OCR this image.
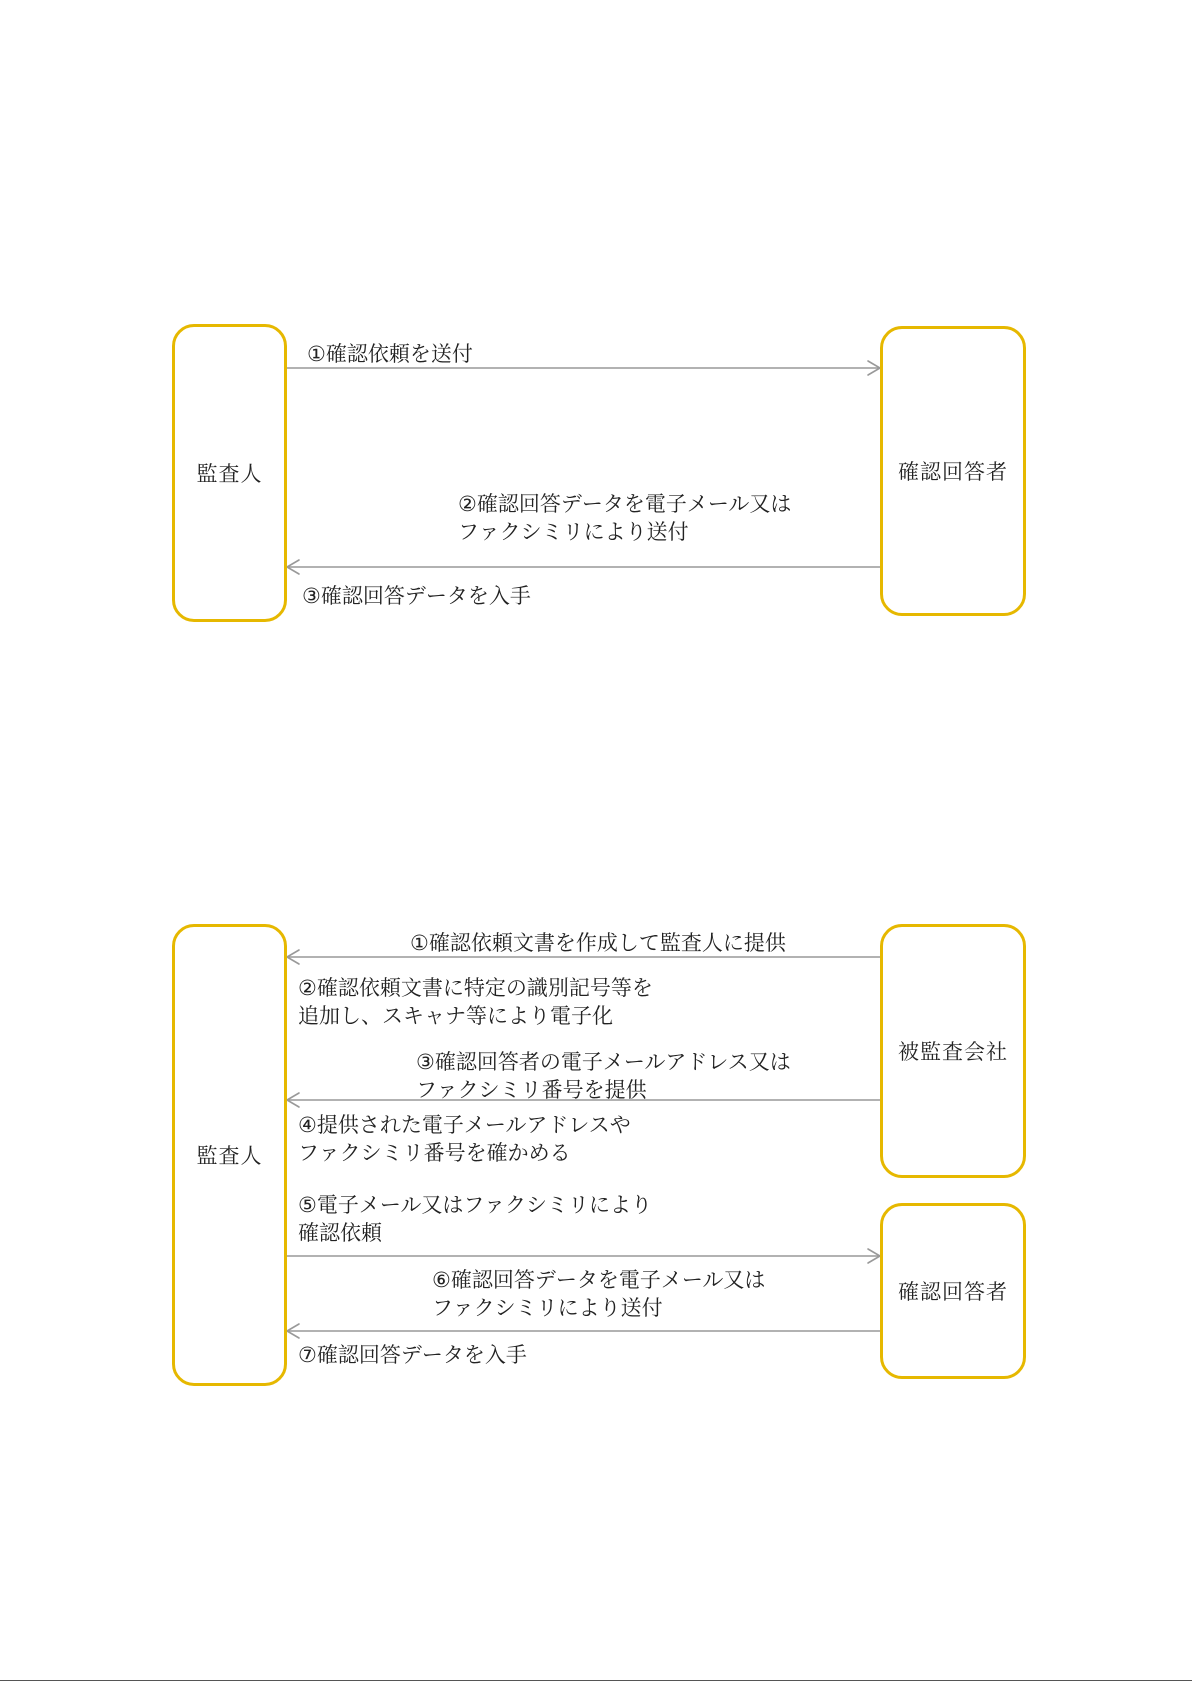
監査人	確認回答者
①確認依頼を送付
②確認回答データを電子メール又は
ファクシミリにより送付
③確認回答データを入手
監査人
被監査会社
確認回答者
①確認依頼文書を作成して監査人に提供
②確認依頼文書に特定の識別記号等を
追加し、スキャナ等により電子化
③確認回答者の電子メールアドレス又は
ファクシミリ番号を提供
④提供された電子メールアドレスや
ファクシミリ番号を確かめる
⑤電子メール又はファクシミリにより
確認依頼
⑥確認回答データを電子メール又は
ファクシミリにより送付
⑦確認回答データを入手
